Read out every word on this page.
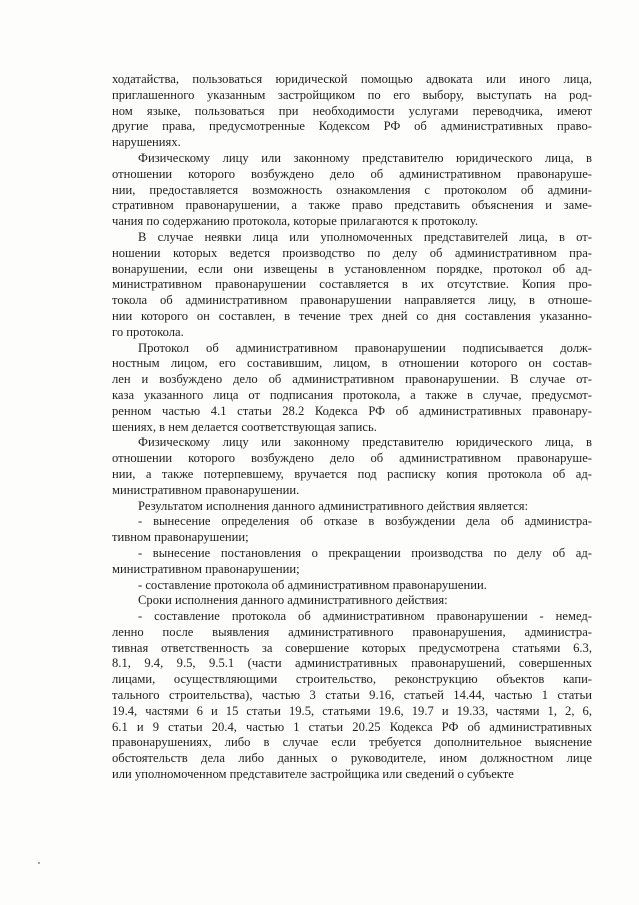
ходатайства, пользоваться юридической помощью адвоката или иного лица,
приглашенного указанным застройщиком по его выбору, выступать на род-
ном языке, пользоваться при необходимости услугами переводчика, имеют
другие права, предусмотренные Кодексом РФ об административных право-
нарушениях.
Физическому лицу или законному представителю юридического лица, в
отношении которого возбуждено дело об административном правонаруше-
нии, предоставляется возможность ознакомления с протоколом об админи-
стративном правонарушении, а также право представить объяснения и заме-
чания по содержанию протокола, которые прилагаются к протоколу.
В случае неявки лица или уполномоченных представителей лица, в от-
ношении которых ведется производство по делу об административном пра-
вонарушении, если они извещены в установленном порядке, протокол об ад-
министративном правонарушении составляется в их отсутствие. Копия про-
токола об административном правонарушении направляется лицу, в отноше-
нии которого он составлен, в течение трех дней со дня составления указанно-
го протокола.
Протокол об административном правонарушении подписывается долж-
ностным лицом, его составившим, лицом, в отношении которого он состав-
лен и возбуждено дело об административном правонарушении. В случае от-
каза указанного лица от подписания протокола, а также в случае, предусмот-
ренном частью 4.1 статьи 28.2 Кодекса РФ об административных правонару-
шениях, в нем делается соответствующая запись.
Физическому лицу или законному представителю юридического лица, в
отношении которого возбуждено дело об административном правонаруше-
нии, а также потерпевшему, вручается под расписку копия протокола об ад-
министративном правонарушении.
Результатом исполнения данного административного действия является:
- вынесение определения об отказе в возбуждении дела об администра-
тивном правонарушении;
- вынесение постановления о прекращении производства по делу об ад-
министративном правонарушении;
- составление протокола об административном правонарушении.
Сроки исполнения данного административного действия:
- составление протокола об административном правонарушении - немед-
ленно после выявления административного правонарушения, администра-
тивная ответственность за совершение которых предусмотрена статьями 6.3,
8.1, 9.4, 9.5, 9.5.1 (части административных правонарушений, совершенных
лицами, осуществляющими строительство, реконструкцию объектов капи-
тального строительства), частью 3 статьи 9.16, статьей 14.44, частью 1 статьи
19.4, частями 6 и 15 статьи 19.5, статьями 19.6, 19.7 и 19.33, частями 1, 2, 6,
6.1 и 9 статьи 20.4, частью 1 статьи 20.25 Кодекса РФ об административных
правонарушениях, либо в случае если требуется дополнительное выяснение
обстоятельств дела либо данных о руководителе, ином должностном лице
или уполномоченном представителе застройщика или сведений о субъекте
